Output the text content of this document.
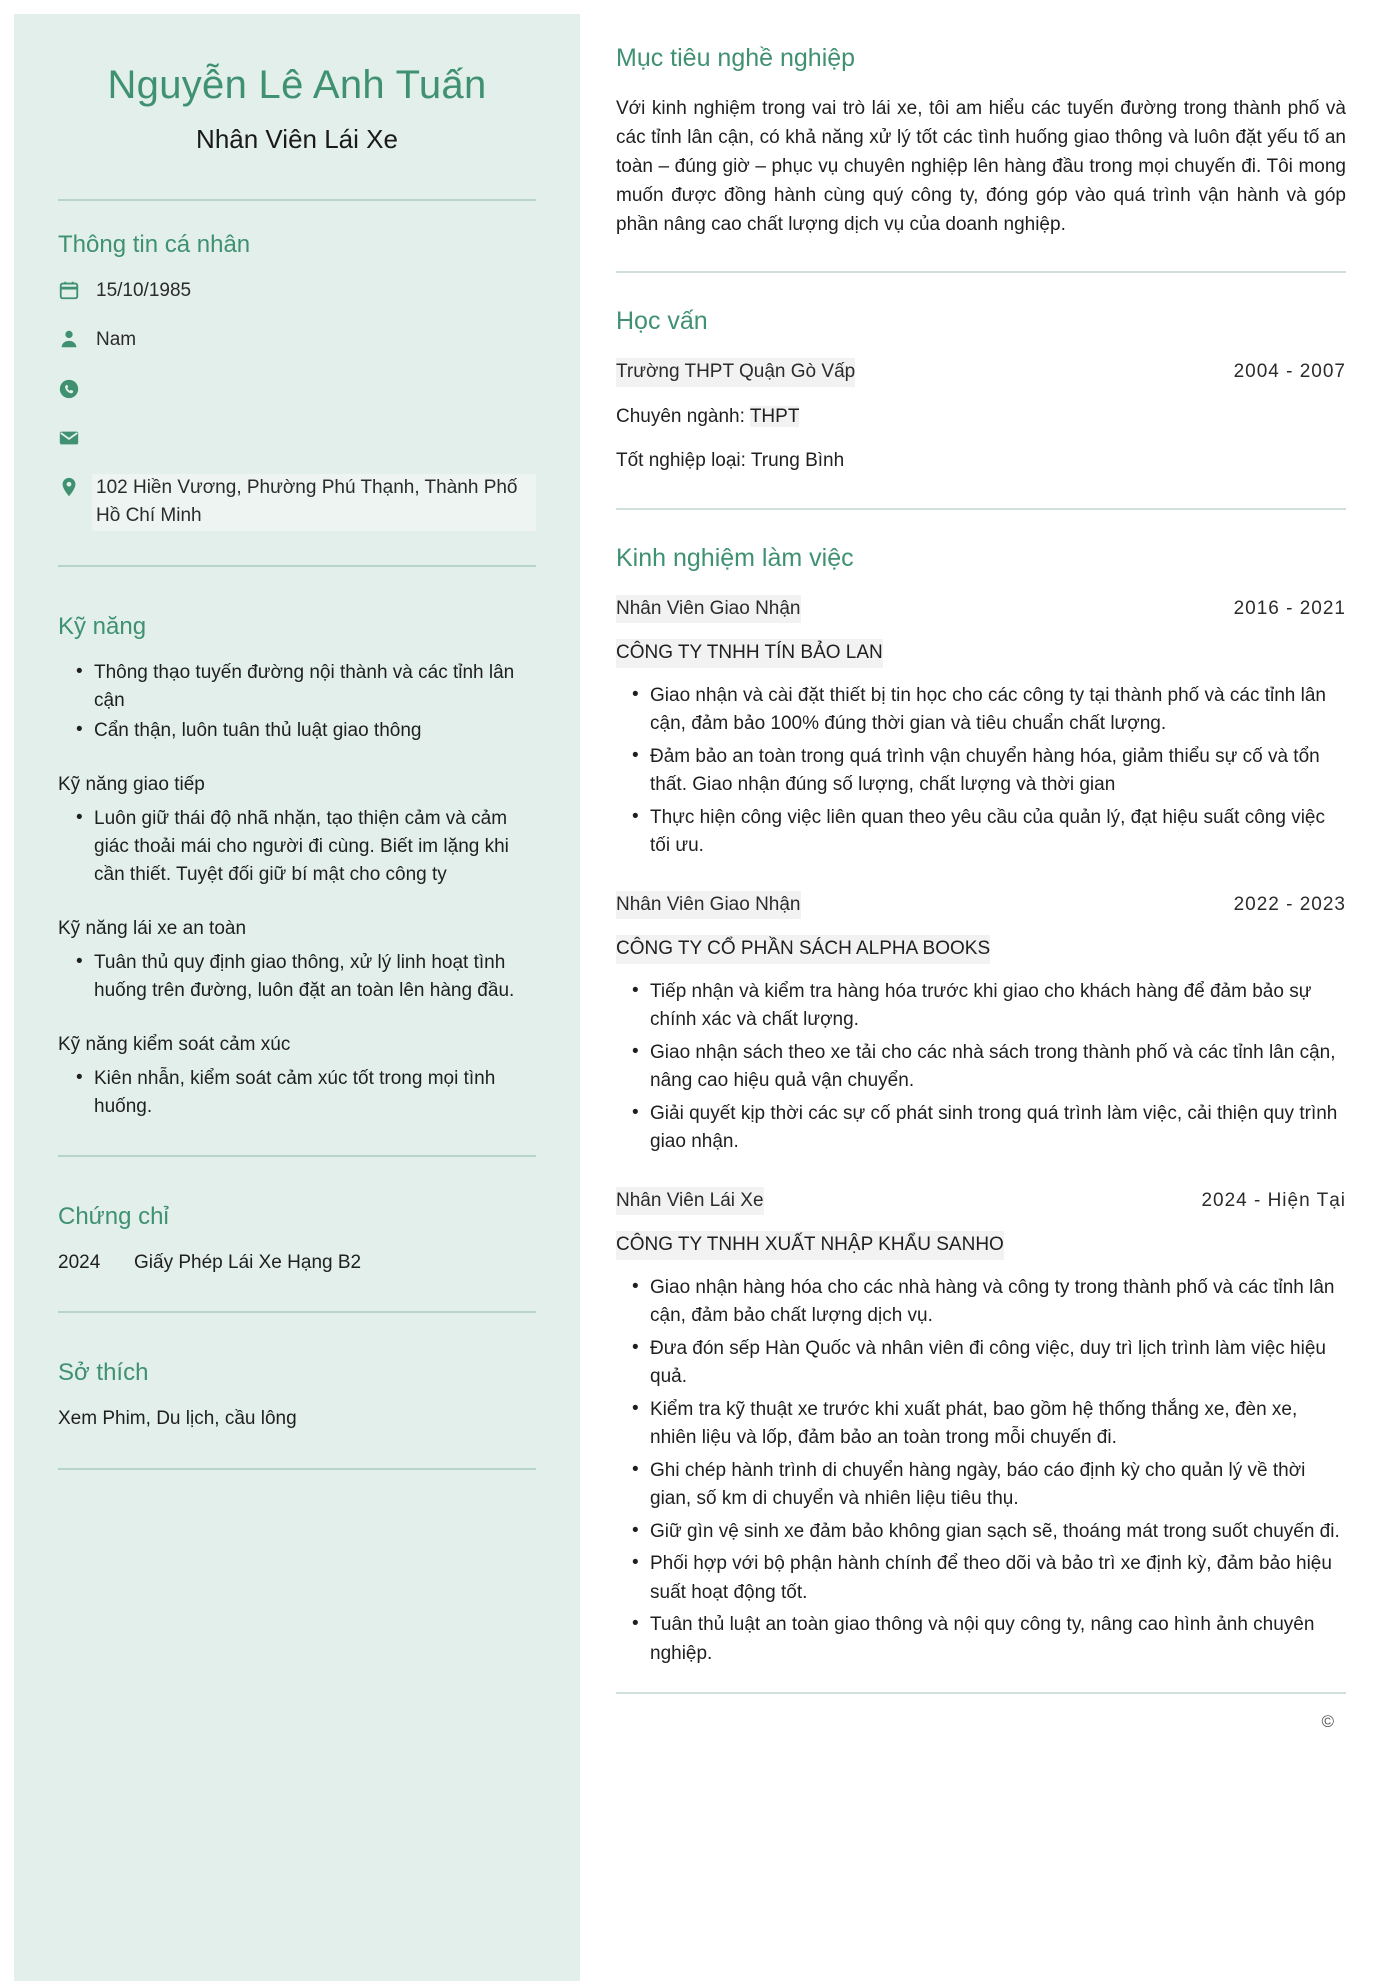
Nguyễn Lê Anh Tuấn
Nhân Viên Lái Xe
Thông tin cá nhân
15/10/1985
Nam
102 Hiền Vương, Phường Phú Thạnh, Thành Phố Hồ Chí Minh
Kỹ năng
• Thông thạo tuyến đường nội thành và các tỉnh lân cận
• Cẩn thận, luôn tuân thủ luật giao thông
Kỹ năng giao tiếp
• Luôn giữ thái độ nhã nhặn, tạo thiện cảm và cảm giác thoải mái cho người đi cùng. Biết im lặng khi cần thiết. Tuyệt đối giữ bí mật cho công ty
Kỹ năng lái xe an toàn
• Tuân thủ quy định giao thông, xử lý linh hoạt tình huống trên đường, luôn đặt an toàn lên hàng đầu.
Kỹ năng kiểm soát cảm xúc
• Kiên nhẫn, kiểm soát cảm xúc tốt trong mọi tình huống.
Chứng chỉ
2024	Giấy Phép Lái Xe Hạng B2
Sở thích
Xem Phim, Du lịch, cầu lông
Mục tiêu nghề nghiệp

Với kinh nghiệm trong vai trò lái xe, tôi am hiểu các tuyến đường trong thành phố và các tỉnh lân cận, có khả năng xử lý tốt các tình huống giao thông và luôn đặt yếu tố an toàn – đúng giờ – phục vụ chuyên nghiệp lên hàng đầu trong mọi chuyến đi. Tôi mong muốn được đồng hành cùng quý công ty, đóng góp vào quá trình vận hành và góp phần nâng cao chất lượng dịch vụ của doanh nghiệp.

Học vấn
Trường THPT Quận Gò Vấp	2004 - 2007
Chuyên ngành: THPT
Tốt nghiệp loại: Trung Bình
Kinh nghiệm làm việc
Nhân Viên Giao Nhận	2016 - 2021
CÔNG TY TNHH TÍN BẢO LAN
• Giao nhận và cài đặt thiết bị tin học cho các công ty tại thành phố và các tỉnh lân cận, đảm bảo 100% đúng thời gian và tiêu chuẩn chất lượng.
• Đảm bảo an toàn trong quá trình vận chuyển hàng hóa, giảm thiểu sự cố và tổn thất. Giao nhận đúng số lượng, chất lượng và thời gian
• Thực hiện công việc liên quan theo yêu cầu của quản lý, đạt hiệu suất công việc tối ưu.
Nhân Viên Giao Nhận	2022 - 2023
CÔNG TY CỔ PHẦN SÁCH ALPHA BOOKS
• Tiếp nhận và kiểm tra hàng hóa trước khi giao cho khách hàng để đảm bảo sự chính xác và chất lượng.
• Giao nhận sách theo xe tải cho các nhà sách trong thành phố và các tỉnh lân cận, nâng cao hiệu quả vận chuyển.
• Giải quyết kịp thời các sự cố phát sinh trong quá trình làm việc, cải thiện quy trình giao nhận.
Nhân Viên Lái Xe	2024 - Hiện Tại
CÔNG TY TNHH XUẤT NHẬP KHẨU SANHO
• Giao nhận hàng hóa cho các nhà hàng và công ty trong thành phố và các tỉnh lân cận, đảm bảo chất lượng dịch vụ.
• Đưa đón sếp Hàn Quốc và nhân viên đi công việc, duy trì lịch trình làm việc hiệu quả.
• Kiểm tra kỹ thuật xe trước khi xuất phát, bao gồm hệ thống thắng xe, đèn xe, nhiên liệu và lốp, đảm bảo an toàn trong mỗi chuyến đi.
• Ghi chép hành trình di chuyển hàng ngày, báo cáo định kỳ cho quản lý về thời gian, số km di chuyển và nhiên liệu tiêu thụ.
• Giữ gìn vệ sinh xe đảm bảo không gian sạch sẽ, thoáng mát trong suốt chuyến đi.
• Phối hợp với bộ phận hành chính để theo dõi và bảo trì xe định kỳ, đảm bảo hiệu suất hoạt động tốt.
• Tuân thủ luật an toàn giao thông và nội quy công ty, nâng cao hình ảnh chuyên nghiệp.
©
